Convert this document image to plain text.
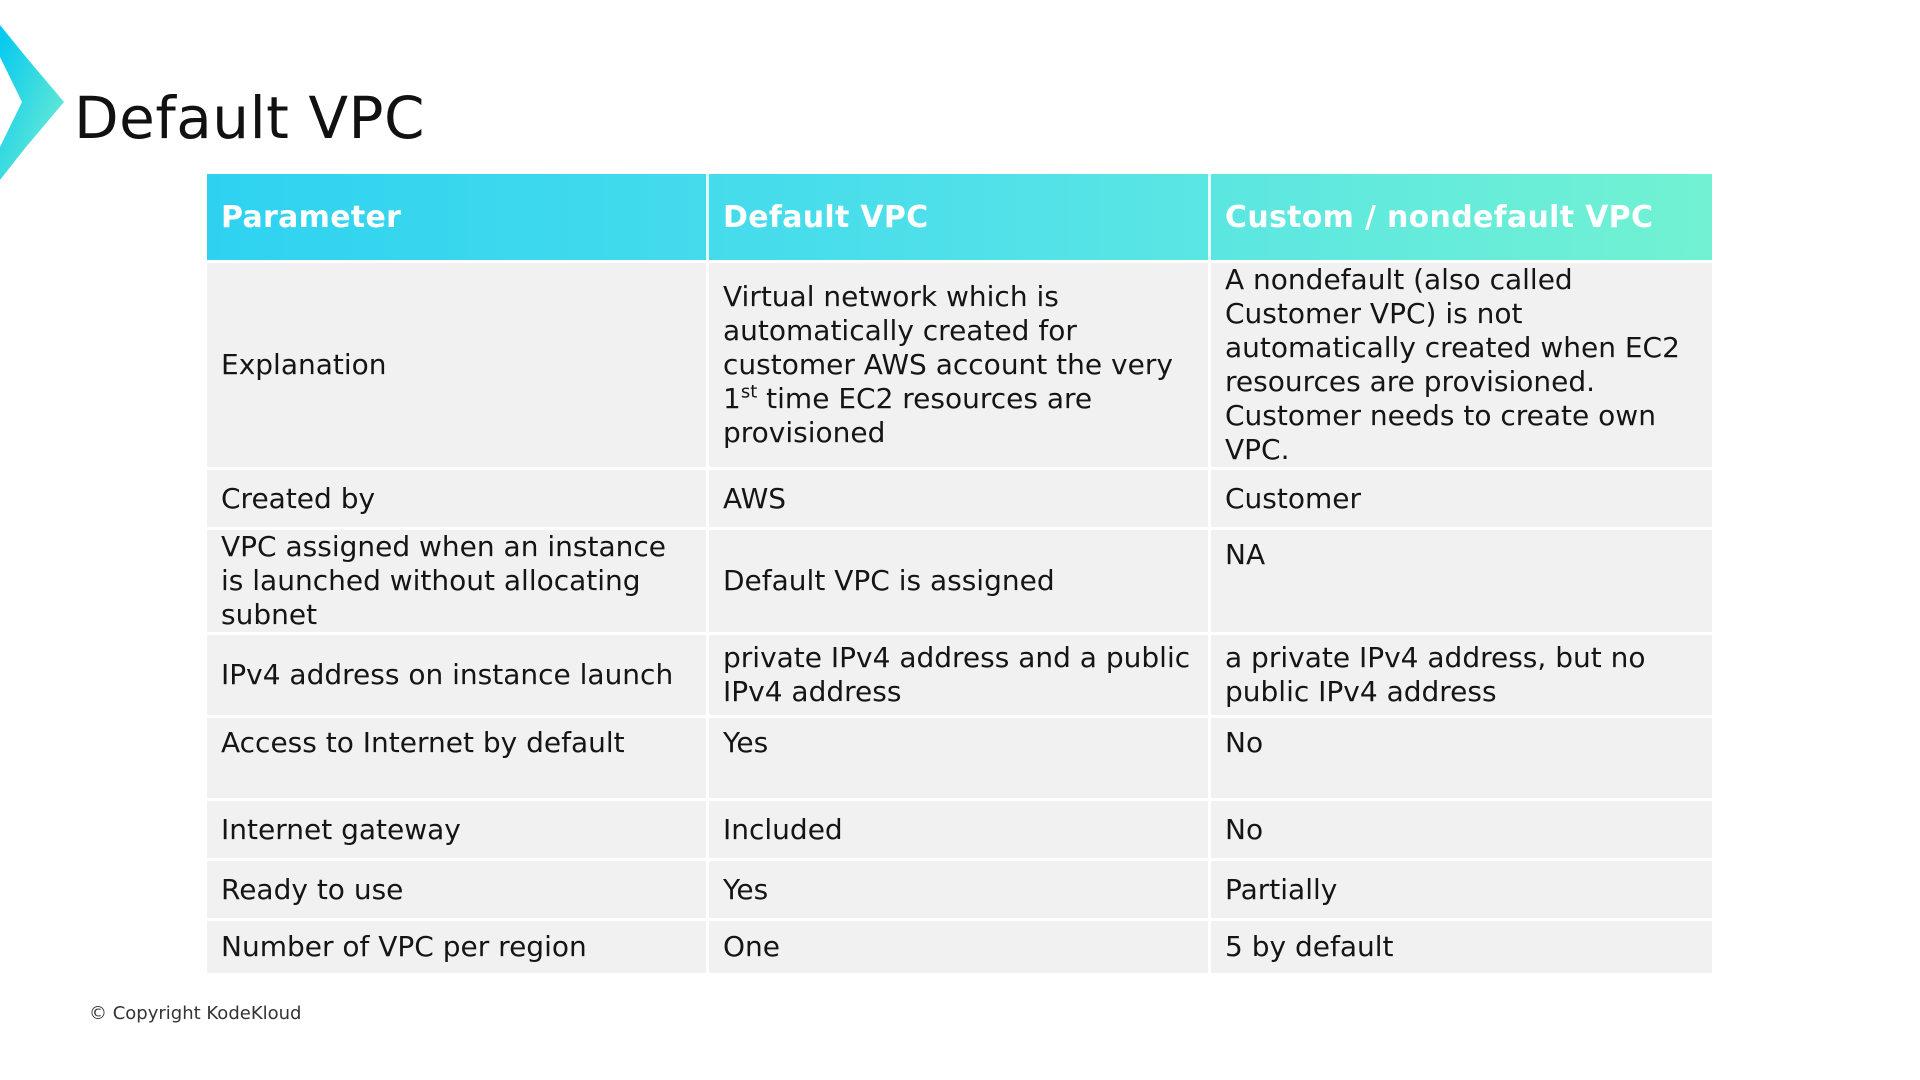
Default VPC
Parameter	Default VPC	Custom / nondefault VPC
Explanation	Virtual network which is automatically created for customer AWS account the very 1st time EC2 resources are provisioned	A nondefault (also called Customer VPC) is not automatically created when EC2 resources are provisioned. Customer needs to create own VPC.
Created by	AWS	Customer
VPC assigned when an instance is launched without allocating subnet	Default VPC is assigned	NA
IPv4 address on instance launch	private IPv4 address and a public IPv4 address	a private IPv4 address, but no public IPv4 address
Access to Internet by default	Yes	No
Internet gateway	Included	No
Ready to use	Yes	Partially
Number of VPC per region	One	5 by default

© Copyright KodeKloud
